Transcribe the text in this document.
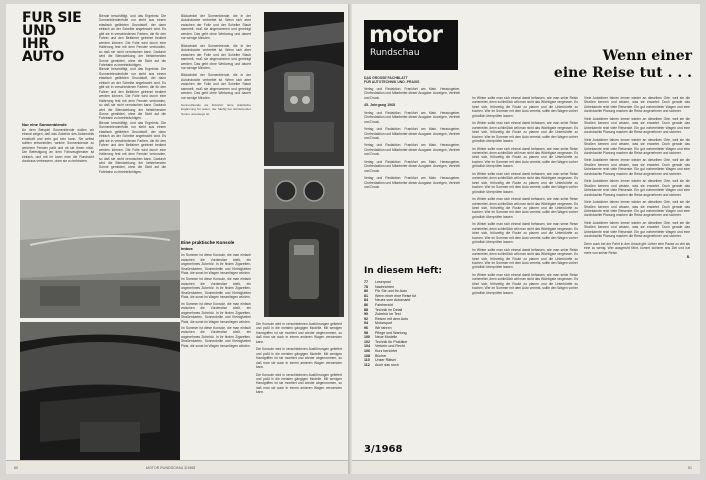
FUR SIE
UND
IHR AUTO
Nur eine Sonnenblende
An dem Beispiel Sonnenblende wollen wir einmal zeigen, daß das Zubehör des Automobils ernsthaft und sehr gut sein kann. Sie selbst sollten entscheiden, welche Sonnenblende zu welchem Fenster paßt und ob sie Ihnen nützt. Die Befestigung an dem Fahrzeugfenster ist einfach, und mit ihr kann man die Rundsicht durchaus verbessern, ohne sie zu behindern.
Blende beschäftigt, und das Ergebnis: Die Sonnenblendenfolie nur steht aus einem elastisch gefärbten Grundstoff, der dann einfach an der Scheibe angebracht wird. Es gibt sie in verschiedenen Farben, die für den Fahrer und den Beifahrer getrennt bedient werden können. Die Folie wird durch eine Halterung fest mit dem Fenster verbunden, so daß sie nicht verrutschen kann. Dadurch wird die Blendwirkung der tiefstehenden Sonne gemildert, ohne die Sicht auf die Fahrbahn zu beeinträchtigen.
Blende beschäftigt, und das Ergebnis: Die Sonnenblendenfolie nur steht aus einem elastisch gefärbten Grundstoff, der dann einfach an der Scheibe angebracht wird. Es gibt sie in verschiedenen Farben, die für den Fahrer und den Beifahrer getrennt bedient werden können. Die Folie wird durch eine Halterung fest mit dem Fenster verbunden, so daß sie nicht verrutschen kann. Dadurch wird die Blendwirkung der tiefstehenden Sonne gemildert, ohne die Sicht auf die Fahrbahn zu beeinträchtigen.
Blende beschäftigt, und das Ergebnis: Die Sonnenblendenfolie nur steht aus einem elastisch gefärbten Grundstoff, der dann einfach an der Scheibe angebracht wird. Es gibt sie in verschiedenen Farben, die für den Fahrer und den Beifahrer getrennt bedient werden können. Die Folie wird durch eine Halterung fest mit dem Fenster verbunden, so daß sie nicht verrutschen kann. Dadurch wird die Blendwirkung der tiefstehenden Sonne gemildert, ohne die Sicht auf die Fahrbahn zu beeinträchtigen.
Blickwinkel der Sonnenblende, die in der Autoindustrie verbreitet ist. Wenn sich aber zwischen der Folie und der Scheibe Staub sammelt, muß sie abgenommen und gereinigt werden. Das geht ohne Werkzeug und dauert nur wenige Minuten.
Blickwinkel der Sonnenblende, die in der Autoindustrie verbreitet ist. Wenn sich aber zwischen der Folie und der Scheibe Staub sammelt, muß sie abgenommen und gereinigt werden. Das geht ohne Werkzeug und dauert nur wenige Minuten.
Blickwinkel der Sonnenblende, die in der Autoindustrie verbreitet ist. Wenn sich aber zwischen der Folie und der Scheibe Staub sammelt, muß sie abgenommen und gereinigt werden. Das geht ohne Werkzeug und dauert nur wenige Minuten.
Sonnenblende als Zubehör: Eine praktische Ergänzung für jeden, der häufig bei tiefstehender Sonne unterwegs ist.
Eine praktische Konsole
Imbox
Im Sommer ist diese Konsole, die man einfach zwischen die Vordersitze stellt, ein angenehmes Zubehör. In ihr finden Zigaretten, Straßenkarten, Sonnenbrille und Kleinigkeiten Platz, die sonst im Wagen herumliegen würden.
Im Sommer ist diese Konsole, die man einfach zwischen die Vordersitze stellt, ein angenehmes Zubehör. In ihr finden Zigaretten, Straßenkarten, Sonnenbrille und Kleinigkeiten Platz, die sonst im Wagen herumliegen würden.
Im Sommer ist diese Konsole, die man einfach zwischen die Vordersitze stellt, ein angenehmes Zubehör. In ihr finden Zigaretten, Straßenkarten, Sonnenbrille und Kleinigkeiten Platz, die sonst im Wagen herumliegen würden.
Im Sommer ist diese Konsole, die man einfach zwischen die Vordersitze stellt, ein angenehmes Zubehör. In ihr finden Zigaretten, Straßenkarten, Sonnenbrille und Kleinigkeiten Platz, die sonst im Wagen herumliegen würden.
Die Konsole wird in verschiedenen Ausführungen geliefert und paßt in die meisten gängigen Modelle. Mit wenigen Handgriffen ist sie montiert und wieder abgenommen, so daß man sie auch in einem anderen Wagen verwenden kann.
Die Konsole wird in verschiedenen Ausführungen geliefert und paßt in die meisten gängigen Modelle. Mit wenigen Handgriffen ist sie montiert und wieder abgenommen, so daß man sie auch in einem anderen Wagen verwenden kann.
Die Konsole wird in verschiedenen Ausführungen geliefert und paßt in die meisten gängigen Modelle. Mit wenigen Handgriffen ist sie montiert und wieder abgenommen, so daß man sie auch in einem anderen Wagen verwenden kann.
60	MOTOR RUNDSCHAU 3/1968
motor
Rundschau
DAS GROSSE FACHBLATT
FÜR AUTOTECHNIK UND -PRAXIS
Verlag und Redaktion: Frankfurt am Main. Herausgeber, Chefredaktion und Mitarbeiter dieser Ausgabe. Anzeigen, Vertrieb und Druck.
45. Jahrgang 1968
Verlag und Redaktion: Frankfurt am Main. Herausgeber, Chefredaktion und Mitarbeiter dieser Ausgabe. Anzeigen, Vertrieb und Druck.
Verlag und Redaktion: Frankfurt am Main. Herausgeber, Chefredaktion und Mitarbeiter dieser Ausgabe. Anzeigen, Vertrieb und Druck.
Verlag und Redaktion: Frankfurt am Main. Herausgeber, Chefredaktion und Mitarbeiter dieser Ausgabe. Anzeigen, Vertrieb und Druck.
Verlag und Redaktion: Frankfurt am Main. Herausgeber, Chefredaktion und Mitarbeiter dieser Ausgabe. Anzeigen, Vertrieb und Druck.
Verlag und Redaktion: Frankfurt am Main. Herausgeber, Chefredaktion und Mitarbeiter dieser Ausgabe. Anzeigen, Vertrieb und Druck.
In diesem Heft:
77	Leserpost
78	Nachrichten
80	Für Sie und Ihr Auto
81	Wenn einer eine Reise tut
84	Neues vom Automarkt
86	Fahrbericht
88	Technik im Detail
90	Zubehör im Test
92	Reisen mit dem Auto
94	Motorsport
96	Wir fahren
98	Pflege und Wartung
100	Neue Modelle
102	Technik für Praktiker
104	Verkehr und Recht
106	Kurz berichtet
108	Bücher
110	Unser Rätsel
112	Auch das noch
3/1968
Wenn einer
eine Reise tut . . .
Im Winter sollte man sich einmal damit befassen, wie man seine Reise vorbereitet, denn schließlich will man nicht das Wichtigste vergessen. Es lohnt sich, frühzeitig die Route zu planen und die Unterkünfte zu buchen. Wer im Sommer mit dem Auto verreist, sollte den Wagen vorher gründlich überprüfen lassen.
Im Winter sollte man sich einmal damit befassen, wie man seine Reise vorbereitet, denn schließlich will man nicht das Wichtigste vergessen. Es lohnt sich, frühzeitig die Route zu planen und die Unterkünfte zu buchen. Wer im Sommer mit dem Auto verreist, sollte den Wagen vorher gründlich überprüfen lassen.
Im Winter sollte man sich einmal damit befassen, wie man seine Reise vorbereitet, denn schließlich will man nicht das Wichtigste vergessen. Es lohnt sich, frühzeitig die Route zu planen und die Unterkünfte zu buchen. Wer im Sommer mit dem Auto verreist, sollte den Wagen vorher gründlich überprüfen lassen.
Im Winter sollte man sich einmal damit befassen, wie man seine Reise vorbereitet, denn schließlich will man nicht das Wichtigste vergessen. Es lohnt sich, frühzeitig die Route zu planen und die Unterkünfte zu buchen. Wer im Sommer mit dem Auto verreist, sollte den Wagen vorher gründlich überprüfen lassen.
Im Winter sollte man sich einmal damit befassen, wie man seine Reise vorbereitet, denn schließlich will man nicht das Wichtigste vergessen. Es lohnt sich, frühzeitig die Route zu planen und die Unterkünfte zu buchen. Wer im Sommer mit dem Auto verreist, sollte den Wagen vorher gründlich überprüfen lassen.
Im Winter sollte man sich einmal damit befassen, wie man seine Reise vorbereitet, denn schließlich will man nicht das Wichtigste vergessen. Es lohnt sich, frühzeitig die Route zu planen und die Unterkünfte zu buchen. Wer im Sommer mit dem Auto verreist, sollte den Wagen vorher gründlich überprüfen lassen.
Im Winter sollte man sich einmal damit befassen, wie man seine Reise vorbereitet, denn schließlich will man nicht das Wichtigste vergessen. Es lohnt sich, frühzeitig die Route zu planen und die Unterkünfte zu buchen. Wer im Sommer mit dem Auto verreist, sollte den Wagen vorher gründlich überprüfen lassen.
Im Winter sollte man sich einmal damit befassen, wie man seine Reise vorbereitet, denn schließlich will man nicht das Wichtigste vergessen. Es lohnt sich, frühzeitig die Route zu planen und die Unterkünfte zu buchen. Wer im Sommer mit dem Auto verreist, sollte den Wagen vorher gründlich überprüfen lassen.
Viele Autofahrer fahren immer wieder an dieselben Orte, weil sie die Straßen kennen und wissen, was sie erwartet. Doch gerade das Unbekannte reizt viele Reisende. Ein gut vorbereiteter Wagen und eine durchdachte Planung machen die Reise angenehmer und sicherer.
Viele Autofahrer fahren immer wieder an dieselben Orte, weil sie die Straßen kennen und wissen, was sie erwartet. Doch gerade das Unbekannte reizt viele Reisende. Ein gut vorbereiteter Wagen und eine durchdachte Planung machen die Reise angenehmer und sicherer.
Viele Autofahrer fahren immer wieder an dieselben Orte, weil sie die Straßen kennen und wissen, was sie erwartet. Doch gerade das Unbekannte reizt viele Reisende. Ein gut vorbereiteter Wagen und eine durchdachte Planung machen die Reise angenehmer und sicherer.
Viele Autofahrer fahren immer wieder an dieselben Orte, weil sie die Straßen kennen und wissen, was sie erwartet. Doch gerade das Unbekannte reizt viele Reisende. Ein gut vorbereiteter Wagen und eine durchdachte Planung machen die Reise angenehmer und sicherer.
Viele Autofahrer fahren immer wieder an dieselben Orte, weil sie die Straßen kennen und wissen, was sie erwartet. Doch gerade das Unbekannte reizt viele Reisende. Ein gut vorbereiteter Wagen und eine durchdachte Planung machen die Reise angenehmer und sicherer.
Viele Autofahrer fahren immer wieder an dieselben Orte, weil sie die Straßen kennen und wissen, was sie erwartet. Doch gerade das Unbekannte reizt viele Reisende. Ein gut vorbereiteter Wagen und eine durchdachte Planung machen die Reise angenehmer und sicherer.
Viele Autofahrer fahren immer wieder an dieselben Orte, weil sie die Straßen kennen und wissen, was sie erwartet. Doch gerade das Unbekannte reizt viele Reisende. Ein gut vorbereiteter Wagen und eine durchdachte Planung machen die Reise angenehmer und sicherer.
Denn auch bei der Fahrt in den Urlaub gilt: Lieber eine Pause zu viel als eine zu wenig. Wer ausgeruht fährt, kommt sicherer ans Ziel und hat mehr von seiner Reise.
B.
61
